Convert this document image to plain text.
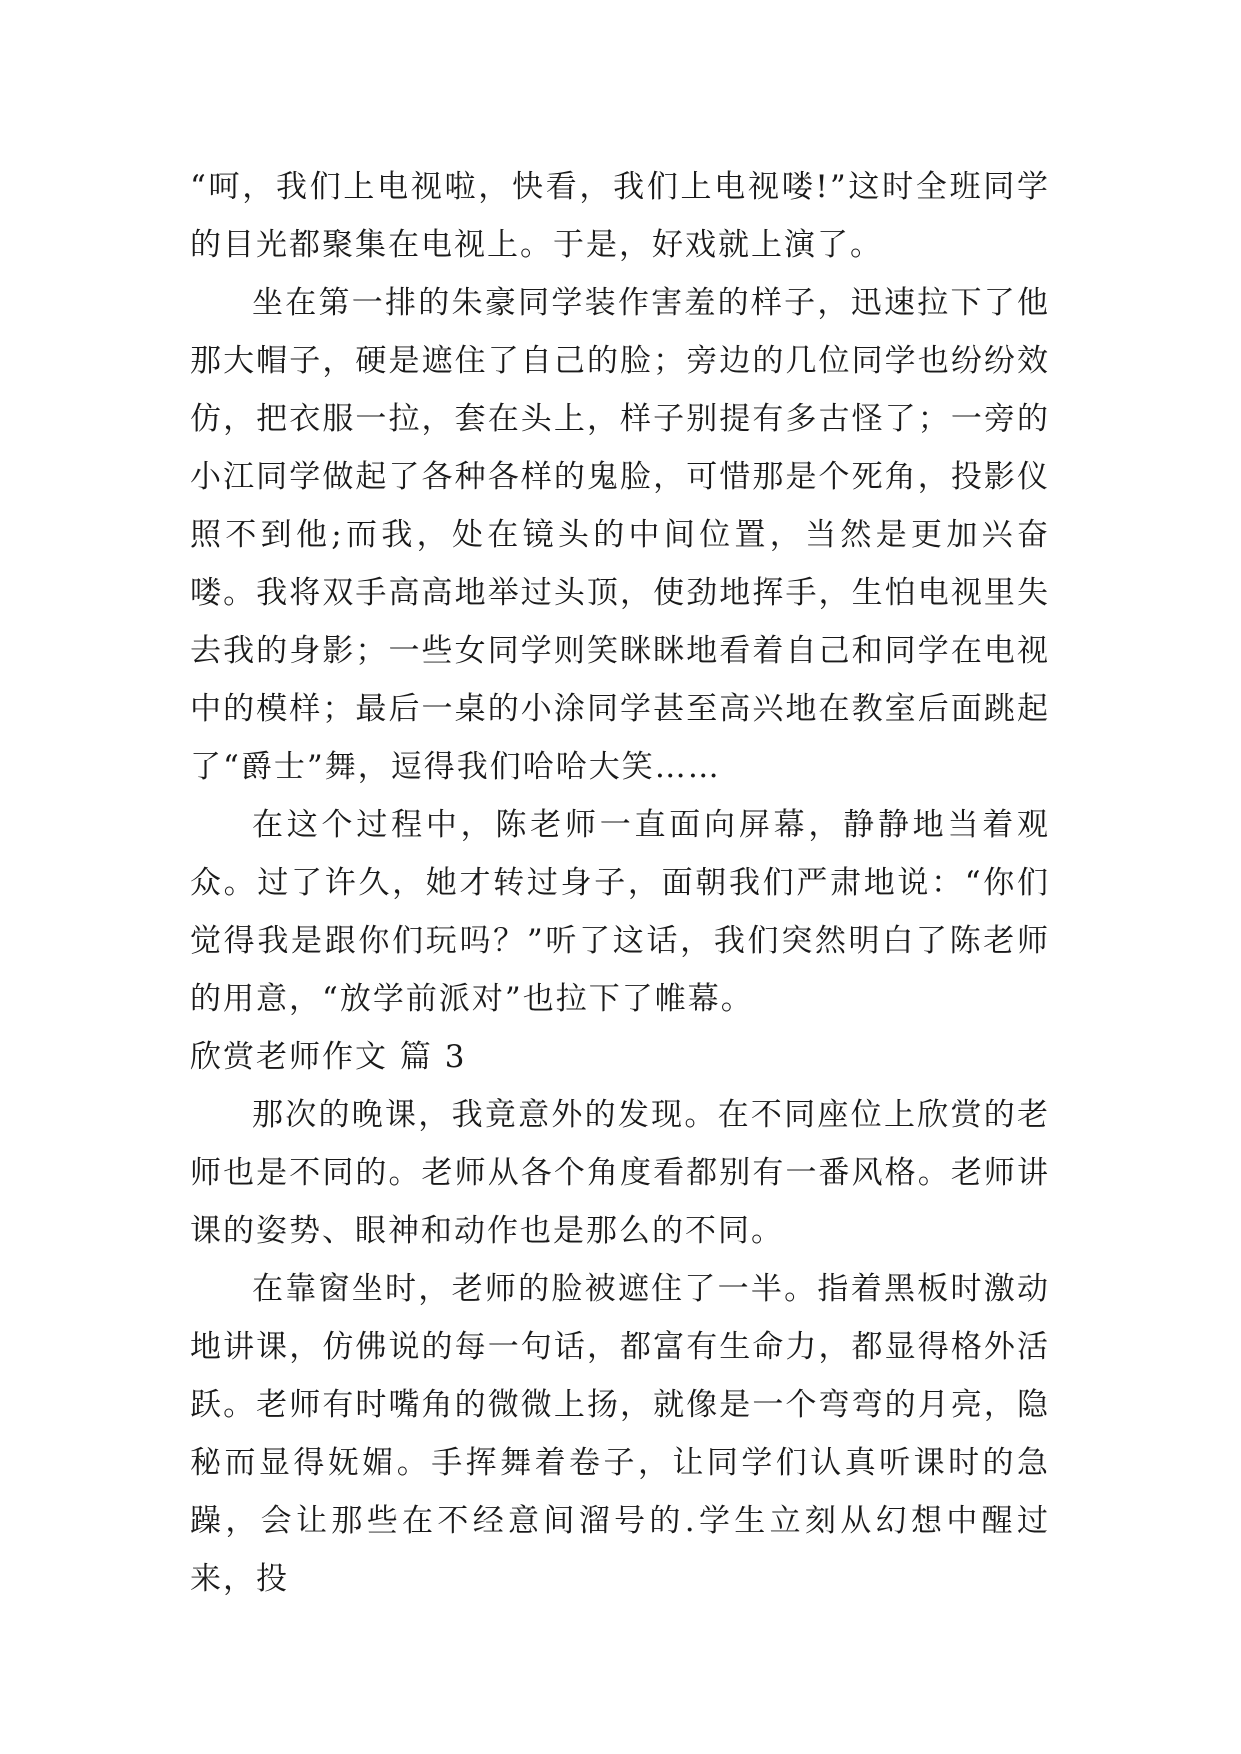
“呵，我们上电视啦，快看，我们上电视喽!”这时全班同学的目光都聚集在电视上。于是，好戏就上演了。

坐在第一排的朱豪同学装作害羞的样子，迅速拉下了他那大帽子，硬是遮住了自己的脸；旁边的几位同学也纷纷效仿，把衣服一拉，套在头上，样子别提有多古怪了；一旁的小江同学做起了各种各样的鬼脸，可惜那是个死角，投影仪照不到他;而我，处在镜头的中间位置，当然是更加兴奋喽。我将双手高高地举过头顶，使劲地挥手，生怕电视里失去我的身影；一些女同学则笑眯眯地看着自己和同学在电视中的模样；最后一桌的小涂同学甚至高兴地在教室后面跳起了“爵士”舞，逗得我们哈哈大笑……

在这个过程中，陈老师一直面向屏幕，静静地当着观众。过了许久，她才转过身子，面朝我们严肃地说：“你们觉得我是跟你们玩吗？”听了这话，我们突然明白了陈老师的用意，“放学前派对”也拉下了帷幕。

欣赏老师作文 篇 3

那次的晚课，我竟意外的发现。在不同座位上欣赏的老师也是不同的。老师从各个角度看都别有一番风格。老师讲课的姿势、眼神和动作也是那么的不同。

在靠窗坐时，老师的脸被遮住了一半。指着黑板时激动地讲课，仿佛说的每一句话，都富有生命力，都显得格外活跃。老师有时嘴角的微微上扬，就像是一个弯弯的月亮，隐秘而显得妩媚。手挥舞着卷子，让同学们认真听课时的急躁，会让那些在不经意间溜号的.学生立刻从幻想中醒过来，投
